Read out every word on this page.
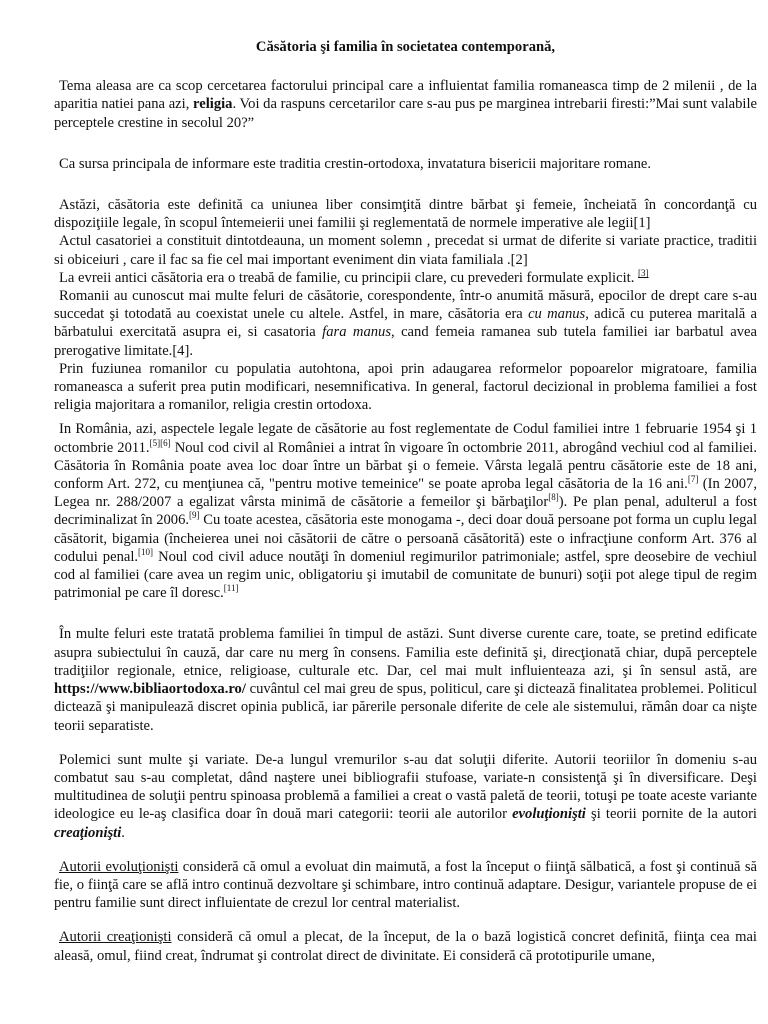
Căsătoria şi familia în societatea contemporană,

Tema aleasa are ca scop cercetarea factorului principal care a influientat familia romaneasca timp de 2 milenii , de la aparitia natiei pana azi, religia. Voi da raspuns cercetarilor care s-au pus pe marginea intrebarii firesti:”Mai sunt valabile perceptele crestine in secolul 20?”

Ca sursa principala de informare este traditia crestin-ortodoxa, invatatura bisericii majoritare romane.

Astăzi, căsătoria este definită ca uniunea liber consimţită dintre bărbat şi femeie, încheiată în concordanţă cu dispoziţiile legale, în scopul întemeierii unei familii şi reglementată de normele imperative ale legii[1]

Actul casatoriei a constituit dintotdeauna, un moment solemn , precedat si urmat de diferite si variate practice, traditii si obiceiuri , care il fac sa fie cel mai important eveniment din viata familiala .[2]

La evreii antici căsătoria era o treabă de familie, cu principii clare, cu prevederi formulate explicit. [3]

Romanii au cunoscut mai multe feluri de căsătorie, corespondente, într-o anumită măsură, epocilor de drept care s-au succedat şi totodată au coexistat unele cu altele. Astfel, in mare, căsătoria era cu manus, adică cu puterea maritală a bărbatului exercitată asupra ei, si casatoria fara manus, cand femeia ramanea sub tutela familiei iar barbatul avea prerogative limitate.[4].

Prin fuziunea romanilor cu populatia autohtona, apoi prin adaugarea reformelor popoarelor migratoare, familia romaneasca a suferit prea putin modificari, nesemnificativa. In general, factorul decizional in problema familiei a fost religia majoritara a romanilor, religia crestin ortodoxa.

In România, azi, aspectele legale legate de căsătorie au fost reglementate de Codul familiei intre 1 februarie 1954 şi 1 octombrie 2011.[5][6] Noul cod civil al României a intrat în vigoare în octombrie 2011, abrogând vechiul cod al familiei. Căsătoria în România poate avea loc doar între un bărbat şi o femeie. Vârsta legală pentru căsătorie este de 18 ani, conform Art. 272, cu menţiunea că, "pentru motive temeinice" se poate aproba legal căsătoria de la 16 ani.[7] (In 2007, Legea nr. 288/2007 a egalizat vârsta minimă de căsătorie a femeilor şi bărbaţilor[8]). Pe plan penal, adulterul a fost decriminalizat în 2006.[9] Cu toate acestea, căsătoria este monogama -, deci doar două persoane pot forma un cuplu legal căsătorit, bigamia (încheierea unei noi căsătorii de către o persoană căsătorită) este o infracţiune conform Art. 376 al codului penal.[10] Noul cod civil aduce noutăţi în domeniul regimurilor patrimoniale; astfel, spre deosebire de vechiul cod al familiei (care avea un regim unic, obligatoriu şi imutabil de comunitate de bunuri) soţii pot alege tipul de regim patrimonial pe care îl doresc.[11]

În multe feluri este tratată problema familiei în timpul de astăzi. Sunt diverse curente care, toate, se pretind edificate asupra subiectului în cauză, dar care nu merg în consens. Familia este definită şi, direcţionată chiar, după perceptele tradiţiilor regionale, etnice, religioase, culturale etc. Dar, cel mai mult influienteaza azi, şi în sensul astă, are https://www.bibliaortodoxa.ro/ cuvântul cel mai greu de spus, politicul, care şi dictează finalitatea problemei. Politicul dictează şi manipulează discret opinia publică, iar părerile personale diferite de cele ale sistemului, rămân doar ca nişte teorii separatiste.

Polemici sunt multe şi variate. De-a lungul vremurilor s-au dat soluţii diferite. Autorii teoriilor în domeniu s-au combatut sau s-au completat, dând naştere unei bibliografii stufoase, variate-n consistenţă şi în diversificare. Deşi multitudinea de soluţii pentru spinoasa problemă a familiei a creat o vastă paletă de teorii, totuşi pe toate aceste variante ideologice eu le-aş clasifica doar în două mari categorii: teorii ale autorilor evoluţionişti şi teorii pornite de la autori creaţionişti.

Autorii evoluţionişti consideră că omul a evoluat din maimută, a fost la început o fiinţă sălbatică, a fost şi continuă să fie, o fiinţă care se află intro continuă dezvoltare şi schimbare, intro continuă adaptare. Desigur, variantele propuse de ei pentru familie sunt direct influientate de crezul lor central materialist.

Autorii creaţionişti consideră că omul a plecat, de la început, de la o bază logistică concret definită, fiinţa cea mai aleasă, omul, fiind creat, îndrumat şi controlat direct de divinitate. Ei consideră că prototipurile umane,
